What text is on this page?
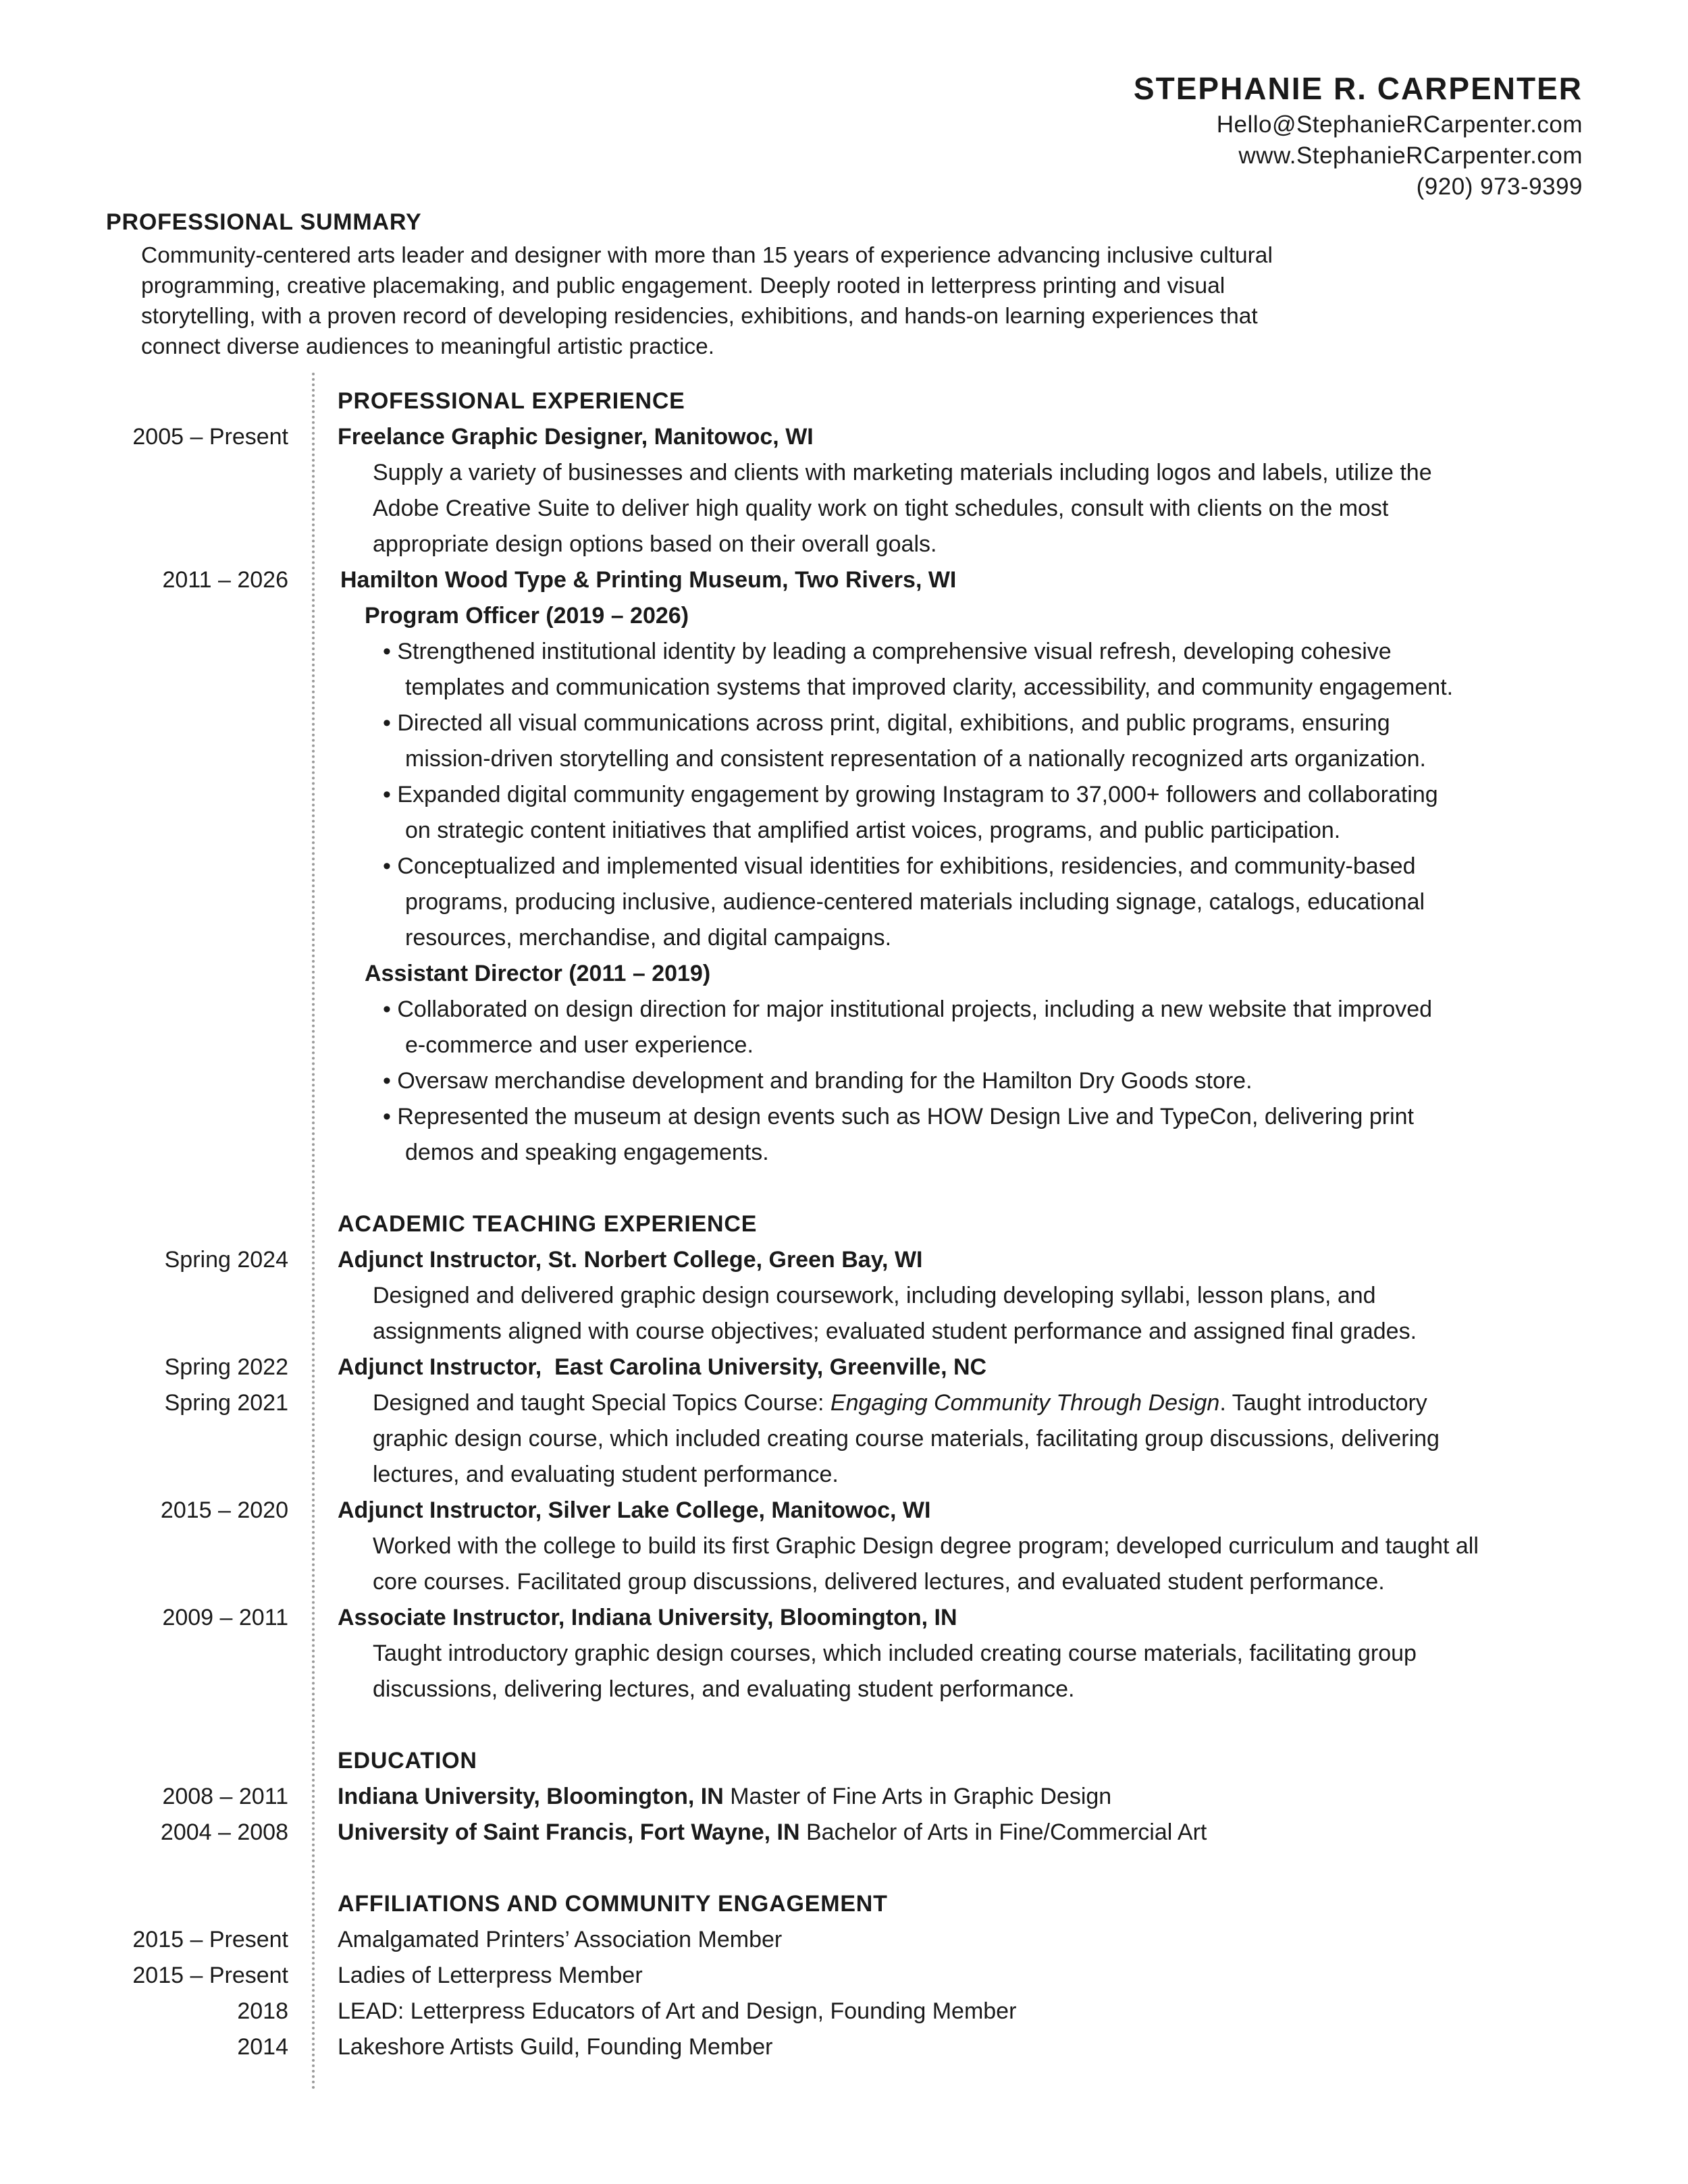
STEPHANIE R. CARPENTER
Hello@StephanieRCarpenter.com
www.StephanieRCarpenter.com
(920) 973-9399
PROFESSIONAL SUMMARY
Community-centered arts leader and designer with more than 15 years of experience advancing inclusive cultural
programming, creative placemaking, and public engagement. Deeply rooted in letterpress printing and visual
storytelling, with a proven record of developing residencies, exhibitions, and hands-on learning experiences that
connect diverse audiences to meaningful artistic practice.
PROFESSIONAL EXPERIENCE
2005 – Present Freelance Graphic Designer, Manitowoc, WI
Supply a variety of businesses and clients with marketing materials including logos and labels, utilize the
Adobe Creative Suite to deliver high quality work on tight schedules, consult with clients on the most
appropriate design options based on their overall goals.
2011 – 2026 Hamilton Wood Type & Printing Museum, Two Rivers, WI
Program Officer (2019 – 2026)
• Strengthened institutional identity by leading a comprehensive visual refresh, developing cohesive
templates and communication systems that improved clarity, accessibility, and community engagement.
• Directed all visual communications across print, digital, exhibitions, and public programs, ensuring
mission-driven storytelling and consistent representation of a nationally recognized arts organization.
• Expanded digital community engagement by growing Instagram to 37,000+ followers and collaborating
on strategic content initiatives that amplified artist voices, programs, and public participation.
• Conceptualized and implemented visual identities for exhibitions, residencies, and community-based
programs, producing inclusive, audience-centered materials including signage, catalogs, educational
resources, merchandise, and digital campaigns.
Assistant Director (2011 – 2019)
• Collaborated on design direction for major institutional projects, including a new website that improved
e-commerce and user experience.
• Oversaw merchandise development and branding for the Hamilton Dry Goods store.
• Represented the museum at design events such as HOW Design Live and TypeCon, delivering print
demos and speaking engagements.
ACADEMIC TEACHING EXPERIENCE
Spring 2024 Adjunct Instructor, St. Norbert College, Green Bay, WI
Designed and delivered graphic design coursework, including developing syllabi, lesson plans, and
assignments aligned with course objectives; evaluated student performance and assigned final grades.
Spring 2022 Adjunct Instructor,  East Carolina University, Greenville, NC
Spring 2021	Designed and taught Special Topics Course: Engaging Community Through Design. Taught introductory
graphic design course, which included creating course materials, facilitating group discussions, delivering
lectures, and evaluating student performance.
2015 – 2020 Adjunct Instructor, Silver Lake College, Manitowoc, WI
Worked with the college to build its first Graphic Design degree program; developed curriculum and taught all
core courses. Facilitated group discussions, delivered lectures, and evaluated student performance.
2009 – 2011 Associate Instructor, Indiana University, Bloomington, IN
Taught introductory graphic design courses, which included creating course materials, facilitating group
discussions, delivering lectures, and evaluating student performance.
EDUCATION
2008 – 2011 Indiana University, Bloomington, IN Master of Fine Arts in Graphic Design
2004 – 2008 University of Saint Francis, Fort Wayne, IN Bachelor of Arts in Fine/Commercial Art
AFFILIATIONS AND COMMUNITY ENGAGEMENT
2015 – Present Amalgamated Printers’ Association Member
2015 – Present Ladies of Letterpress Member
2018 LEAD: Letterpress Educators of Art and Design, Founding Member
2014 Lakeshore Artists Guild, Founding Member
